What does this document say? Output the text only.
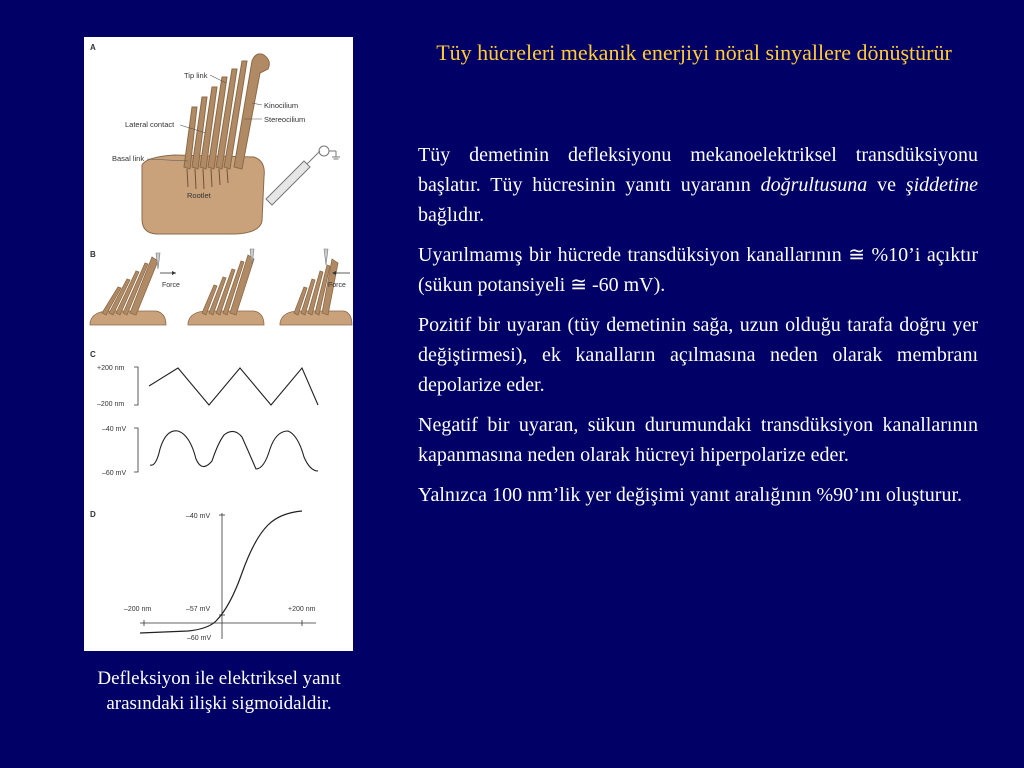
Tüy hücreleri mekanik enerjiyi nöral sinyallere dönüştürür

Tüy demetinin defleksiyonu mekanoelektriksel transdüksiyonu başlatır. Tüy hücresinin yanıtı uyaranın doğrultusuna ve şiddetine bağlıdır.

Uyarılmamış bir hücrede transdüksiyon kanallarının ≅ %10’i açıktır (sükun potansiyeli ≅ -60 mV).

Pozitif bir uyaran (tüy demetinin sağa, uzun olduğu tarafa doğru yer değiştirmesi), ek kanalların açılmasına neden olarak membranı depolarize eder.

Negatif bir uyaran, sükun durumundaki transdüksiyon kanallarının kapanmasına neden olarak hücreyi hiperpolarize eder.

Yalnızca 100 nm’lik yer değişimi yanıt aralığının %90’ını oluşturur.

A
Tip link
Kinocilium
Stereocilium
Lateral contact
Basal link
Rootlet
B
Force	Force
C
+200 nm
–200 nm
–40 mV
–60 mV
D	–40 mV
–57 mV
–60 mV
–200 nm	+200 nm
Defleksiyon ile elektriksel yanıt arasındaki ilişki sigmoidaldir.
